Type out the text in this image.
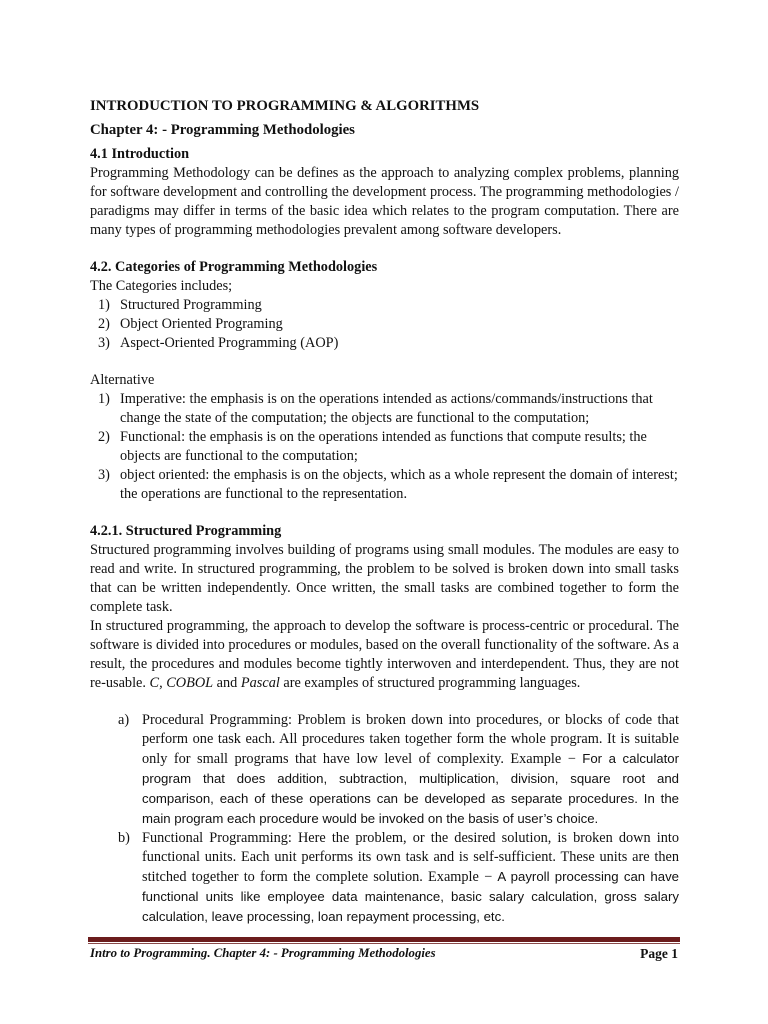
INTRODUCTION TO PROGRAMMING & ALGORITHMS
Chapter 4: - Programming Methodologies
4.1 Introduction

Programming Methodology can be defines as the approach to analyzing complex problems, planning for software development and controlling the development process. The programming methodologies / paradigms may differ in terms of the basic idea which relates to the program computation. There are many types of programming methodologies prevalent among software developers.

4.2. Categories of Programming Methodologies

The Categories includes;

1) Structured Programming
2) Object Oriented Programing
3) Aspect-Oriented Programming (AOP)

Alternative

1) Imperative: the emphasis is on the operations intended as actions/commands/instructions that change the state of the computation; the objects are functional to the computation;
2) Functional: the emphasis is on the operations intended as functions that compute results; the objects are functional to the computation;
3) object oriented: the emphasis is on the objects, which as a whole represent the domain of interest; the operations are functional to the representation.
4.2.1. Structured Programming

Structured programming involves building of programs using small modules. The modules are easy to read and write. In structured programming, the problem to be solved is broken down into small tasks that can be written independently. Once written, the small tasks are combined together to form the complete task.

In structured programming, the approach to develop the software is process-centric or procedural. The software is divided into procedures or modules, based on the overall functionality of the software. As a result, the procedures and modules become tightly interwoven and interdependent. Thus, they are not re-usable. C, COBOL and Pascal are examples of structured programming languages.

a) Procedural Programming: Problem is broken down into procedures, or blocks of code that perform one task each. All procedures taken together form the whole program. It is suitable only for small programs that have low level of complexity. Example − For a calculator program that does addition, subtraction, multiplication, division, square root and comparison, each of these operations can be developed as separate procedures. In the main program each procedure would be invoked on the basis of user’s choice.
b) Functional Programming: Here the problem, or the desired solution, is broken down into functional units. Each unit performs its own task and is self-sufficient. These units are then stitched together to form the complete solution. Example − A payroll processing can have functional units like employee data maintenance, basic salary calculation, gross salary calculation, leave processing, loan repayment processing, etc.
Intro to Programming. Chapter 4: - Programming Methodologies	Page 1
